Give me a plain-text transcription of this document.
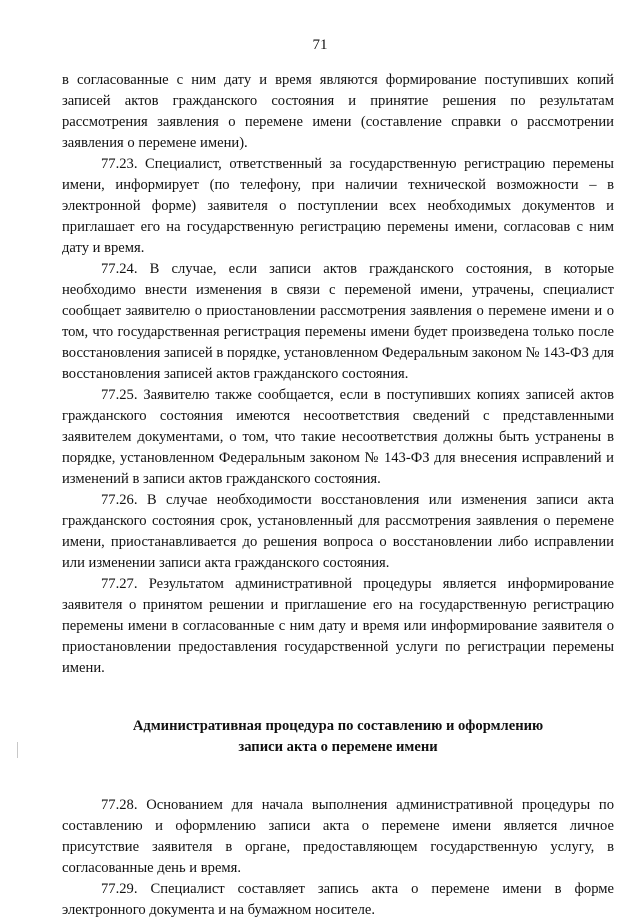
71

в согласованные с ним дату и время являются формирование поступивших копий записей актов гражданского состояния и принятие решения по результатам рассмотрения заявления о перемене имени (составление справки о рассмотрении заявления о перемене имени).

77.23. Специалист, ответственный за государственную регистрацию перемены имени, информирует (по телефону, при наличии технической возможности – в электронной форме) заявителя о поступлении всех необходимых документов и приглашает его на государственную регистрацию перемены имени, согласовав с ним дату и время.

77.24. В случае, если записи актов гражданского состояния, в которые необходимо внести изменения в связи с переменой имени, утрачены, специалист сообщает заявителю о приостановлении рассмотрения заявления о перемене имени и о том, что государственная регистрация перемены имени будет произведена только после восстановления записей в порядке, установленном Федеральным законом № 143-ФЗ для восстановления записей актов гражданского состояния.

77.25. Заявителю также сообщается, если в поступивших копиях записей актов гражданского состояния имеются несоответствия сведений с представленными заявителем документами, о том, что такие несоответствия должны быть устранены в порядке, установленном Федеральным законом № 143-ФЗ для внесения исправлений и изменений в записи актов гражданского состояния.

77.26. В случае необходимости восстановления или изменения записи акта гражданского состояния срок, установленный для рассмотрения заявления о перемене имени, приостанавливается до решения вопроса о восстановлении либо исправлении или изменении записи акта гражданского состояния.

77.27. Результатом административной процедуры является информирование заявителя о принятом решении и приглашение его на государственную регистрацию перемены имени в согласованные с ним дату и время или информирование заявителя о приостановлении предоставления государственной услуги по регистрации перемены имени.

Административная процедура по составлению и оформлению

записи акта о перемене имени

77.28. Основанием для начала выполнения административной процедуры по составлению и оформлению записи акта о перемене имени является личное присутствие заявителя в органе, предоставляющем государственную услугу, в согласованные день и время.

77.29. Специалист составляет запись акта о перемене имени в форме электронного документа и на бумажном носителе.
